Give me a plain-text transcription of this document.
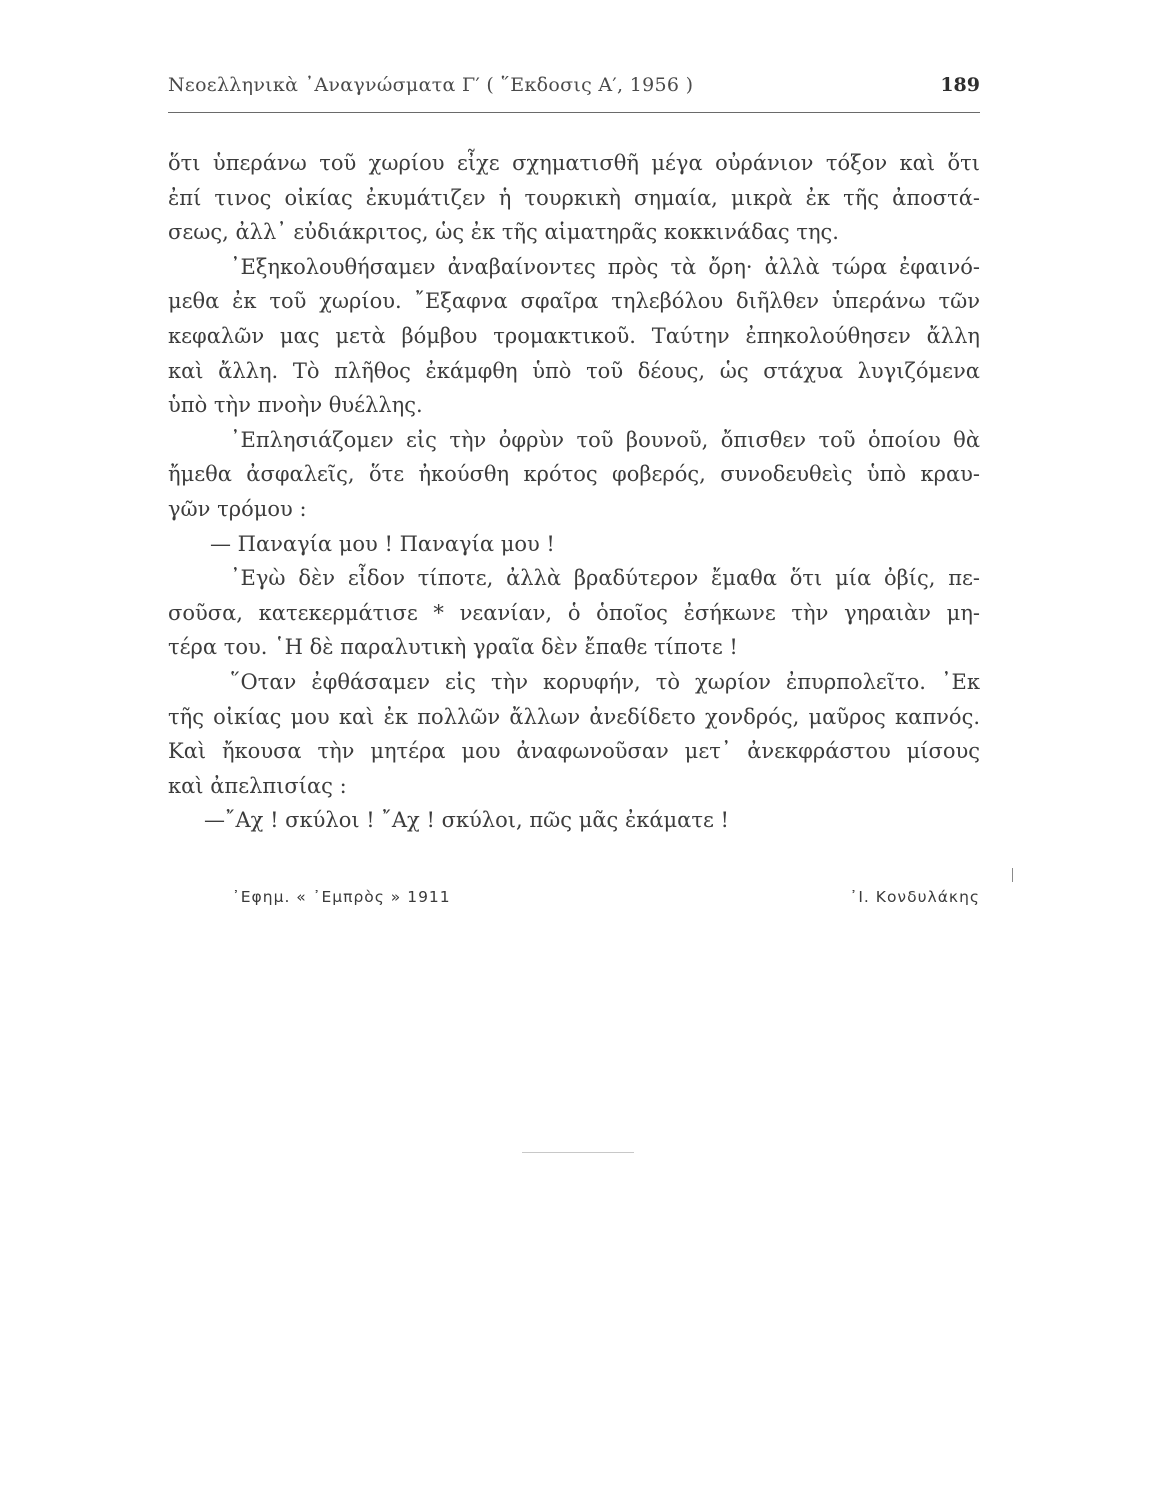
Νεοελληνικὰ ᾿Αναγνώσματα Γ′ ( ῞Εκδοσις Α′, 1956 )	189
ὅτι ὑπεράνω τοῦ χωρίου εἶχε σχηματισθῆ μέγα οὐράνιον τόξον καὶ ὅτι
ἐπί τινος οἰκίας ἐκυμάτιζεν ἡ τουρκικὴ σημαία, μικρὰ ἐκ τῆς ἀποστά-
σεως, ἀλλ᾿ εὐδιάκριτος, ὡς ἐκ τῆς αἱματηρᾶς κοκκινάδας της.
᾿Εξηκολουθήσαμεν ἀναβαίνοντες πρὸς τὰ ὄρη· ἀλλὰ τώρα ἐφαινό-
μεθα ἐκ τοῦ χωρίου. ῎Εξαφνα σφαῖρα τηλεβόλου διῆλθεν ὑπεράνω τῶν
κεφαλῶν μας μετὰ βόμβου τρομακτικοῦ. Ταύτην ἐπηκολούθησεν ἄλλη
καὶ ἄλλη. Τὸ πλῆθος ἐκάμφθη ὑπὸ τοῦ δέους, ὡς στάχυα λυγιζόμενα
ὑπὸ τὴν πνοὴν θυέλλης.
᾿Επλησιάζομεν εἰς τὴν ὀφρὺν τοῦ βουνοῦ, ὄπισθεν τοῦ ὁποίου θὰ
ἤμεθα ἀσφαλεῖς, ὅτε ἠκούσθη κρότος φοβερός, συνοδευθεὶς ὑπὸ κραυ-
γῶν τρόμου :
— Παναγία μου ! Παναγία μου !
᾿Εγὼ δὲν εἶδον τίποτε, ἀλλὰ βραδύτερον ἔμαθα ὅτι μία ὀβίς, πε-
σοῦσα, κατεκερμάτισε * νεανίαν, ὁ ὁποῖος ἐσήκωνε τὴν γηραιὰν μη-
τέρα του. ῾Η δὲ παραλυτικὴ γραῖα δὲν ἔπαθε τίποτε !
῞Οταν ἐφθάσαμεν εἰς τὴν κορυφήν, τὸ χωρίον ἐπυρπολεῖτο. ᾿Εκ
τῆς οἰκίας μου καὶ ἐκ πολλῶν ἄλλων ἀνεδίδετο χονδρός, μαῦρος καπνός.
Καὶ ἤκουσα τὴν μητέρα μου ἀναφωνοῦσαν μετ᾿ ἀνεκφράστου μίσους
καὶ ἀπελπισίας :
—῎Αχ ! σκύλοι ! ῎Αχ ! σκύλοι, πῶς μᾶς ἐκάματε !
᾿Εφημ. « ᾿Εμπρὸς » 1911	᾿Ι. Κονδυλάκης
